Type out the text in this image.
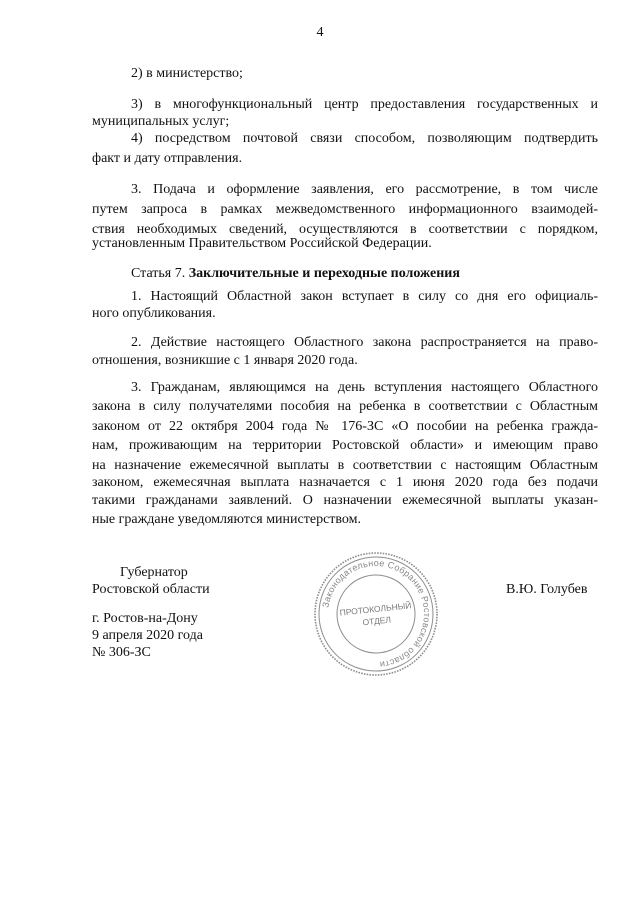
4
2) в министерство;
3) в многофункциональный центр предоставления государственных и
муниципальных услуг;
4) посредством почтовой связи способом, позволяющим подтвердить
факт и дату отправления.
3. Подача и оформление заявления, его рассмотрение, в том числе
путем запроса в рамках межведомственного информационного взаимодей-
ствия необходимых сведений, осуществляются в соответствии с порядком,
установленным Правительством Российской Федерации.
Статья 7. Заключительные и переходные положения
1. Настоящий Областной закон вступает в силу со дня его официаль-
ного опубликования.
2. Действие настоящего Областного закона распространяется на право-
отношения, возникшие с 1 января 2020 года.
3. Гражданам, являющимся на день вступления настоящего Областного
закона в силу получателями пособия на ребенка в соответствии с Областным
законом от 22 октября 2004 года № 176-ЗС «О пособии на ребенка гражда-
нам, проживающим на территории Ростовской области» и имеющим право
на назначение ежемесячной выплаты в соответствии с настоящим Областным
законом, ежемесячная выплата назначается с 1 июня 2020 года без подачи
такими гражданами заявлений. О назначении ежемесячной выплаты указан-
ные граждане уведомляются министерством.
Губернатор
Ростовской области	В.Ю. Голубев
г. Ростов-на-Дону
9 апреля 2020 года
№ 306-ЗС
Законодательное Собрание Ростовской области
ПРОТОКОЛЬНЫЙ
ОТДЕЛ
